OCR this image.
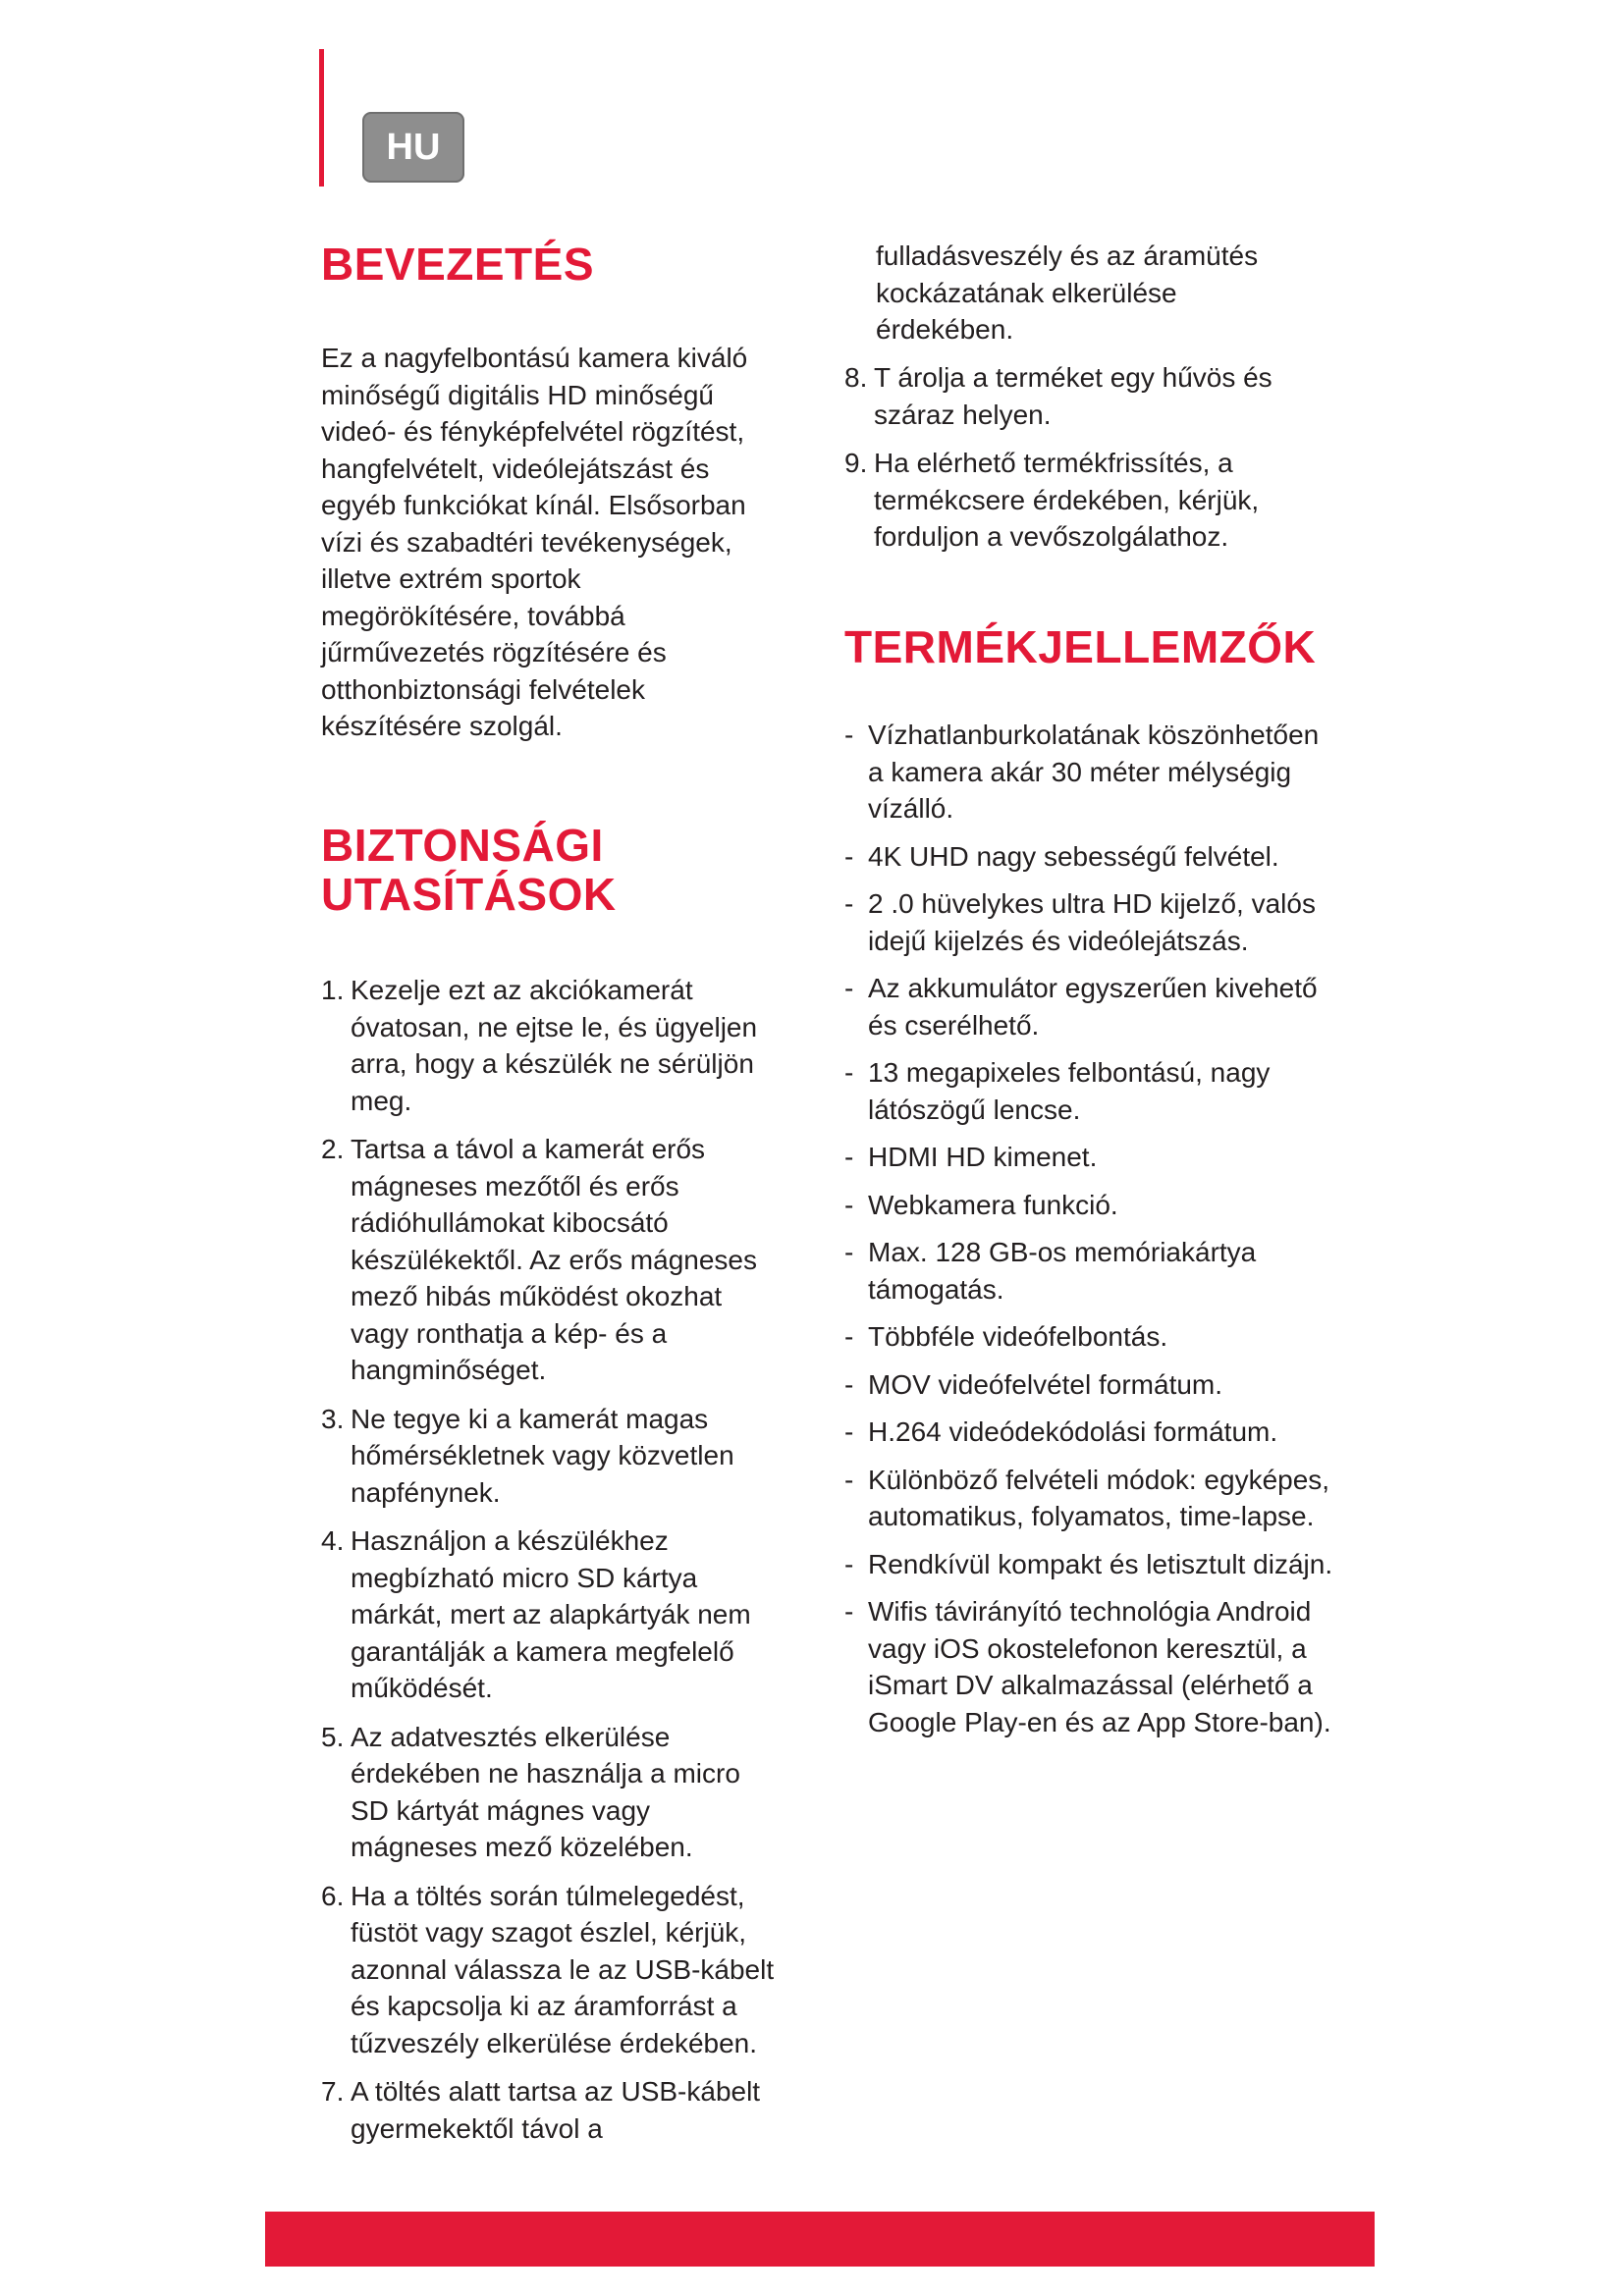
HU
BEVEZETÉS

Ez a nagyfelbontású kamera kiváló minőségű digitális HD minőségű videó- és fényképfelvétel rögzítést, hangfelvételt, videólejátszást és egyéb funkciókat kínál. Elsősorban vízi és szabadtéri tevékenységek, illetve extrém sportok megörökítésére, továbbá jűrművezetés rögzítésére és otthonbiztonsági felvételek készítésére szolgál.

BIZTONSÁGI
UTASÍTÁSOK
1. Kezelje ezt az akciókamerát óvatosan, ne ejtse le, és ügyeljen arra, hogy a készülék ne sérüljön meg.
2. Tartsa a távol a kamerát erős mágneses mezőtől és erős rádióhullámokat kibocsátó készülékektől. Az erős mágneses mező hibás működést okozhat vagy ronthatja a kép- és a hangminőséget.
3. Ne tegye ki a kamerát magas hőmérsékletnek vagy közvetlen napfénynek.
4. Használjon a készülékhez megbízható micro SD kártya márkát, mert az alapkártyák nem garantálják a kamera megfelelő működését.
5. Az adatvesztés elkerülése érdekében ne használja a micro SD kártyát mágnes vagy mágneses mező közelében.
6. Ha a töltés során túlmelegedést, füstöt vagy szagot észlel, kérjük, azonnal válassza le az USB-kábelt és kapcsolja ki az áramforrást a tűzveszély elkerülése érdekében.
7. A töltés alatt tartsa az USB-kábelt gyermekektől távol a

fulladásveszély és az áramütés kockázatának elkerülése érdekében.

8. T árolja a terméket egy hűvös és száraz helyen.
9. Ha elérhető termékfrissítés, a termékcsere érdekében, kérjük, forduljon a vevőszolgálathoz.
TERMÉKJELLEMZŐK
- Vízhatlanburkolatának köszönhetően a kamera akár 30 méter mélységig vízálló.
- 4K UHD nagy sebességű felvétel.
- 2 .0 hüvelykes ultra HD kijelző, valós idejű kijelzés és videólejátszás.
- Az akkumulátor egyszerűen kivehető és cserélhető.
- 13 megapixeles felbontású, nagy látószögű lencse.
- HDMI HD kimenet.
- Webkamera funkció.
- Max. 128 GB-os memóriakártya támogatás.
- Többféle videófelbontás.
- MOV videófelvétel formátum.
- H.264 videódekódolási formátum.
- Különböző felvételi módok: egyképes, automatikus, folyamatos, time-lapse.
- Rendkívül kompakt és letisztult dizájn.
- Wifis távirányító technológia Android vagy iOS okostelefonon keresztül, a iSmart DV alkalmazással (elérhető a Google Play-en és az App Store-ban).
